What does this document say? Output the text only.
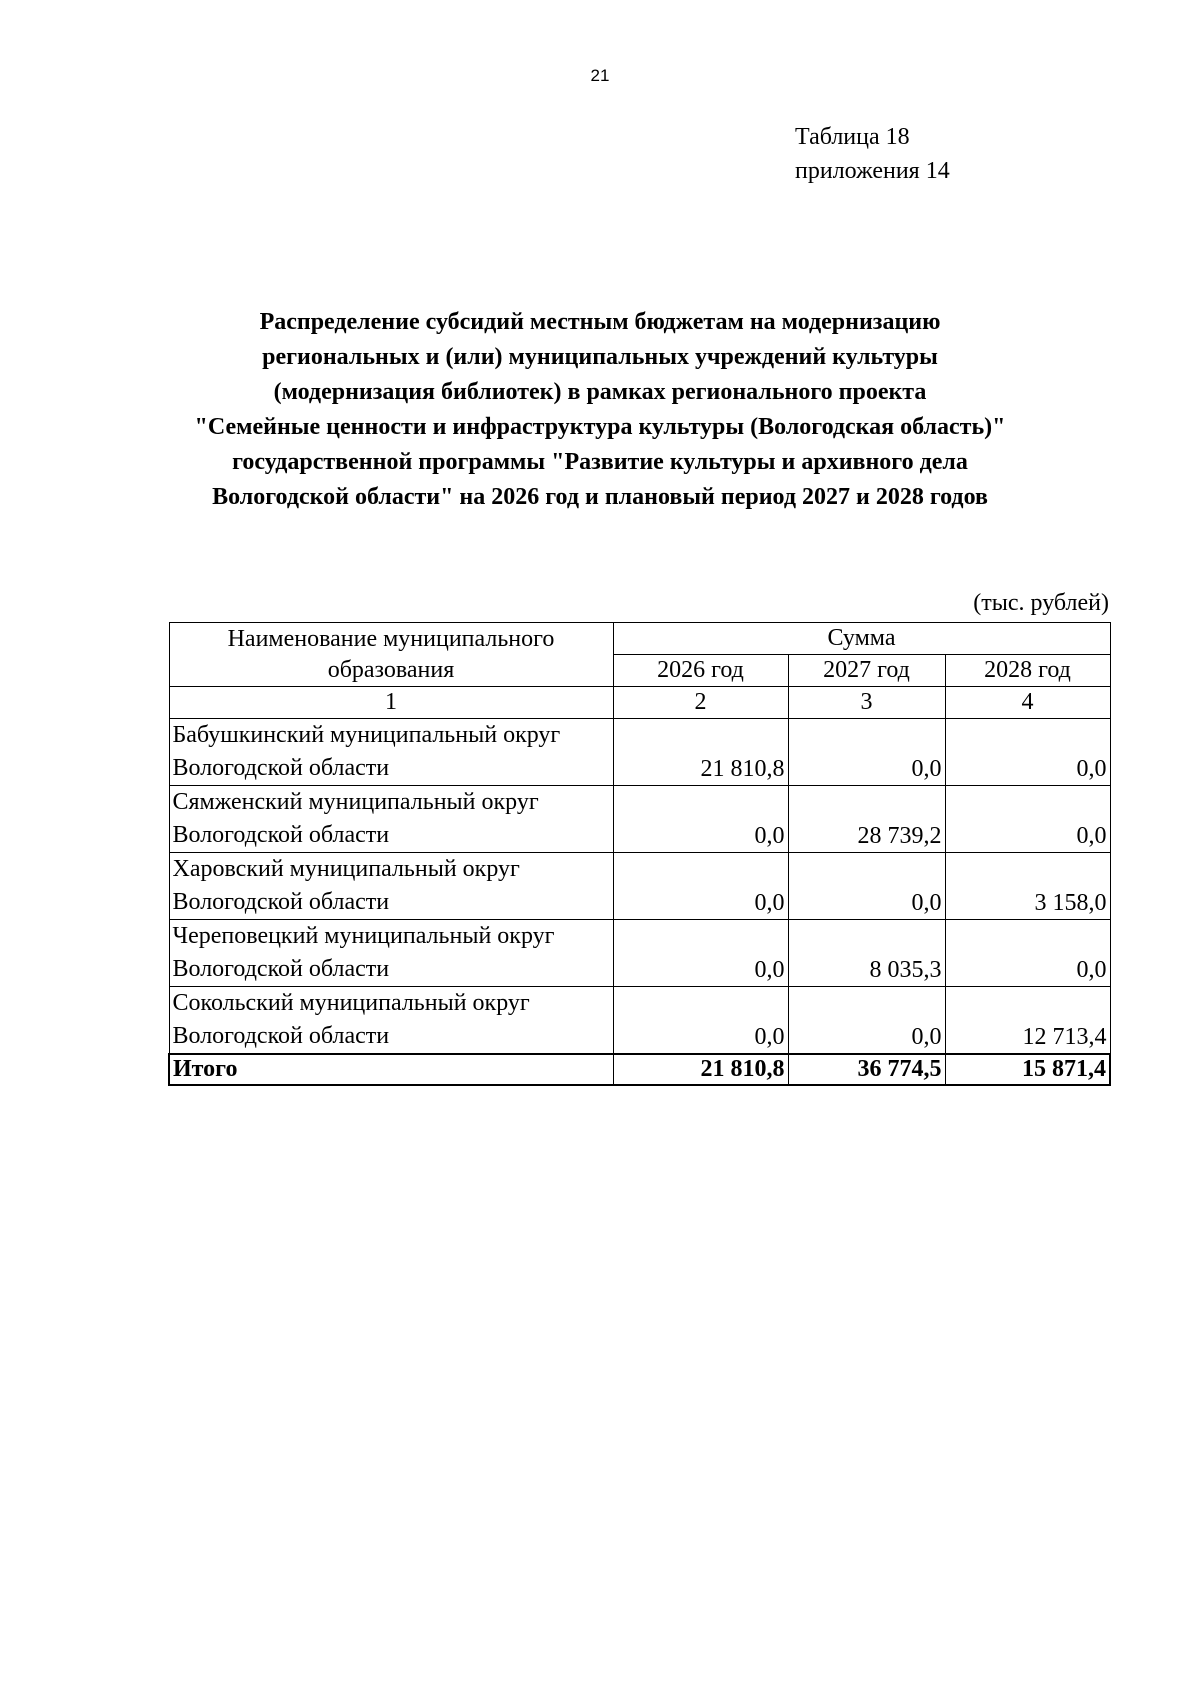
21
Таблица 18
приложения 14
Распределение субсидий местным бюджетам на модернизацию
региональных и (или) муниципальных учреждений культуры
(модернизация библиотек) в рамках регионального проекта
"Семейные ценности и инфраструктура культуры (Вологодская область)"
государственной программы "Развитие культуры и архивного дела
Вологодской области" на 2026 год и плановый период 2027 и 2028 годов
(тыс. рублей)
Наименование муниципального образования	Сумма		
	2026 год	2027 год	2028 год
1	2	3	4

Бабушкинский муниципальный округ
Вологодской области	21 810,8	0,0	0,0

Сямженский муниципальный округ
Вологодской области	0,0	28 739,2	0,0

Харовский муниципальный округ
Вологодской области	0,0	0,0	3 158,0

Череповецкий муниципальный округ
Вологодской области	0,0	8 035,3	0,0

Сокольский муниципальный округ
Вологодской области	0,0	0,0	12 713,4
Итого	21 810,8	36 774,5	15 871,4
